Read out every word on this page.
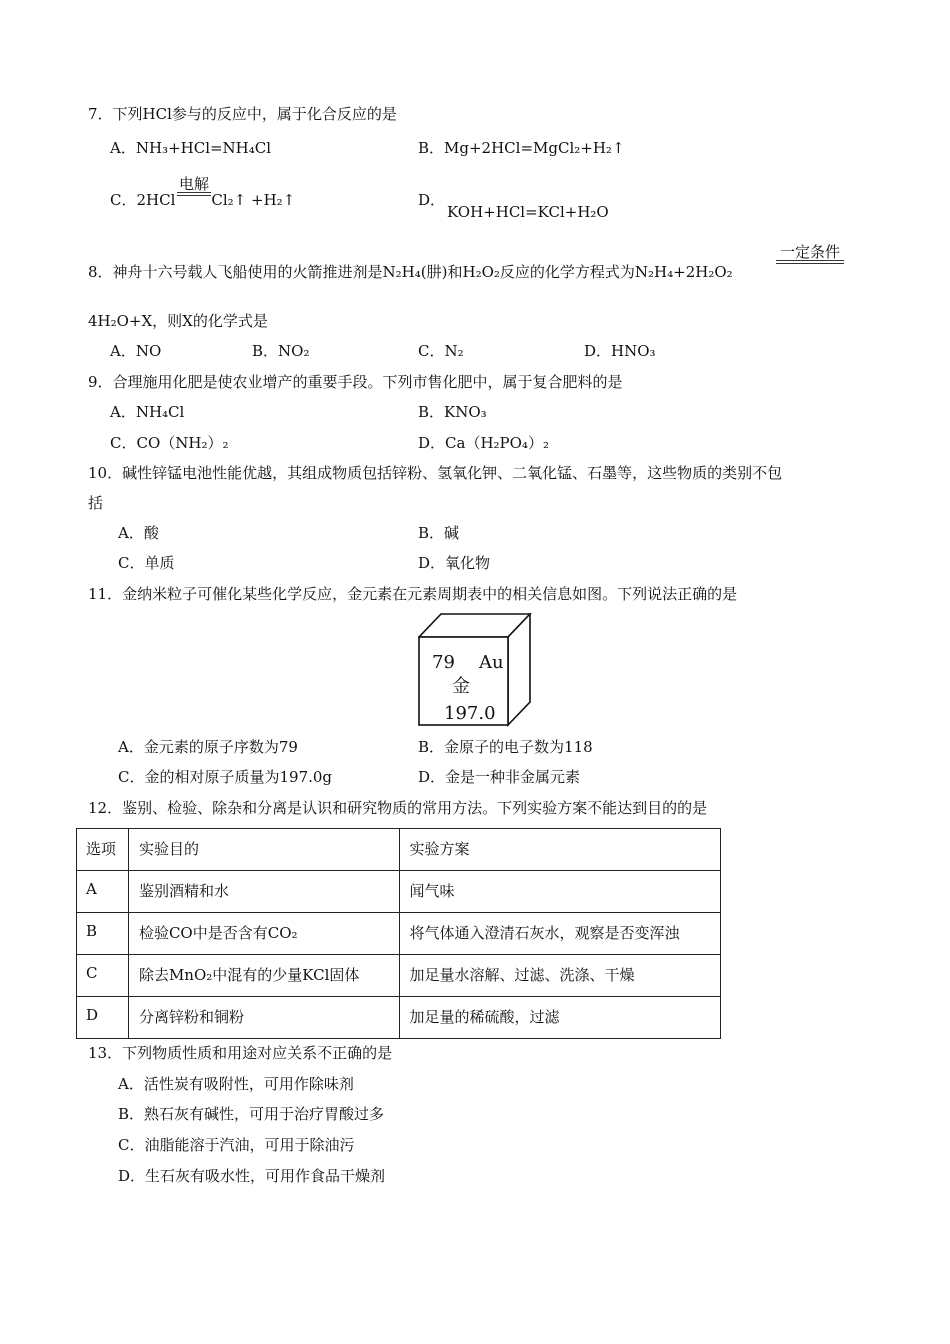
7．下列HCl参与的反应中，属于化合反应的是
A．NH₃+HCl=NH₄Cl	B．Mg+2HCl=MgCl₂+H₂↑
C．2HCl Cl₂↑ +H₂↑
电解
D．
KOH+HCl=KCl+H₂O
8．神舟十六号载人飞船使用的火箭推进剂是N₂H₄(肼)和H₂O₂反应的化学方程式为N₂H₄+2H₂O₂
一定条件
4H₂O+X，则X的化学式是
A．NO	B．NO₂	C．N₂	D．HNO₃
9．合理施用化肥是使农业增产的重要手段。下列市售化肥中，属于复合肥料的是
A．NH₄Cl	B．KNO₃
C．CO（NH₂）₂	D．Ca（H₂PO₄）₂
10．碱性锌锰电池性能优越，其组成物质包括锌粉、氢氧化钾、二氧化锰、石墨等，这些物质的类别不包
括
A．酸	B．碱
C．单质	D．氧化物
11．金纳米粒子可催化某些化学反应，金元素在元素周期表中的相关信息如图。下列说法正确的是
79 Au
金
197.0
A．金元素的原子序数为79	B．金原子的电子数为118
C．金的相对原子质量为197.0g	D．金是一种非金属元素
12．鉴别、检验、除杂和分离是认识和研究物质的常用方法。下列实验方案不能达到目的的是
选项	实验目的	实验方案
A	鉴别酒精和水	闻气味
B	检验CO中是否含有CO₂	将气体通入澄清石灰水，观察是否变浑浊
C	除去MnO₂中混有的少量KCl固体	加足量水溶解、过滤、洗涤、干燥
D	分离锌粉和铜粉	加足量的稀硫酸，过滤
13．下列物质性质和用途对应关系不正确的是
A．活性炭有吸附性，可用作除味剂
B．熟石灰有碱性，可用于治疗胃酸过多
C．油脂能溶于汽油，可用于除油污
D．生石灰有吸水性，可用作食品干燥剂
